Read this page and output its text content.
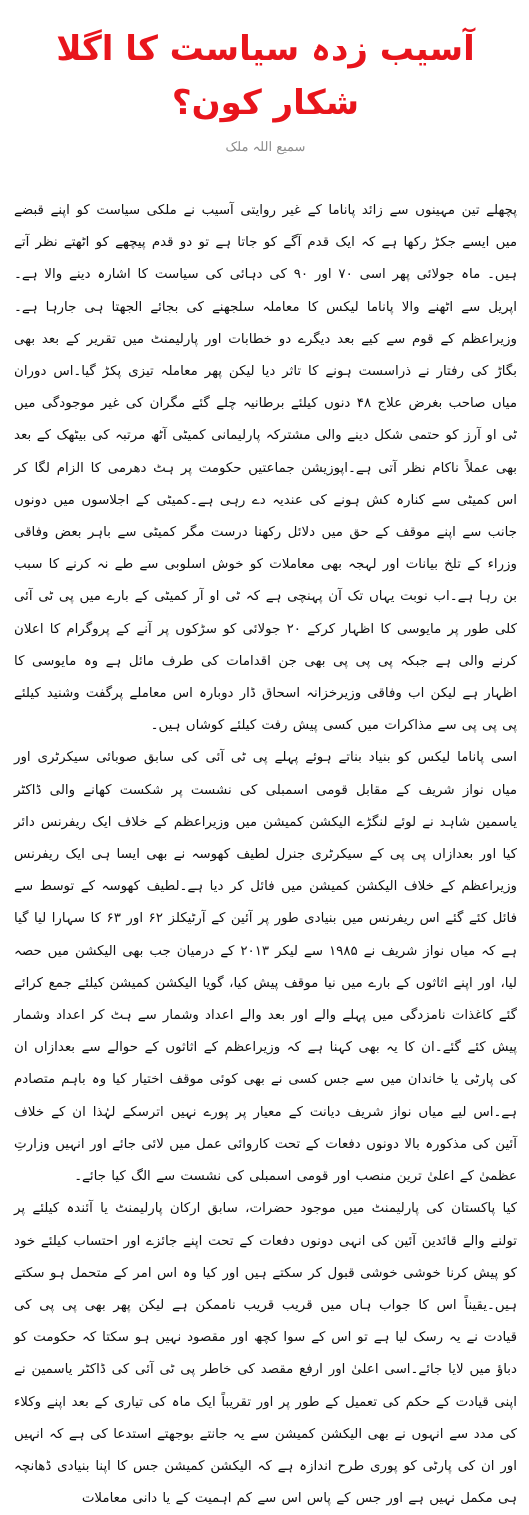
آسیب زدہ سیاست کا اگلا شکار کون؟
سمیع اللہ ملک

پچھلے تین مہینوں سے زائد پاناما کے غیر روایتی آسیب نے ملکی سیاست کو اپنے قبضے میں ایسے جکڑ رکھا ہے کہ ایک قدم آگے کو جاتا ہے تو دو قدم پیچھے کو اٹھتے نظر آتے ہیں۔ ماہ جولائی پھر اسی ۷۰ اور ۹۰ کی دہائی کی سیاست کا اشارہ دینے والا ہے۔اپریل سے اٹھنے والا پاناما لیکس کا معاملہ سلجھنے کی بجائے الجھتا ہی جارہا ہے۔وزیراعظم کے قوم سے کیے بعد دیگرے دو خطابات اور پارلیمنٹ میں تقریر کے بعد بھی بگاڑ کی رفتار نے ذراسست ہونے کا تاثر دیا لیکن پھر معاملہ تیزی پکڑ گیا۔اس دوران میاں صاحب بغرض علاج ۴۸ دنوں کیلئے برطانیہ چلے گئے مگران کی غیر موجودگی میں ٹی او آرز کو حتمی شکل دینے والی مشترکہ پارلیمانی کمیٹی آٹھ مرتبہ کی بیٹھک کے بعد بھی عملاً ناکام نظر آتی ہے۔اپوزیشن جماعتیں حکومت پر ہٹ دھرمی کا الزام لگا کر اس کمیٹی سے کنارہ کش ہونے کی عندیہ دے رہی ہے۔کمیٹی کے اجلاسوں میں دونوں جانب سے اپنے موقف کے حق میں دلائل رکھنا درست مگر کمیٹی سے باہر بعض وفاقی وزراء کے تلخ بیانات اور لہجہ بھی معاملات کو خوش اسلوبی سے طے نہ کرنے کا سبب بن رہا ہے۔اب نوبت یہاں تک آن پہنچی ہے کہ ٹی او آر کمیٹی کے بارے میں پی ٹی آئی کلی طور پر مایوسی کا اظہار کرکے ۲۰ جولائی کو سڑکوں پر آنے کے پروگرام کا اعلان کرنے والی ہے جبکہ پی پی پی بھی جن اقدامات کی طرف مائل ہے وہ مایوسی کا اظہار ہے لیکن اب وفاقی وزیرخزانہ اسحاق ڈار دوبارہ اس معاملے پرگفت وشنید کیلئے پی پی پی سے مذاکرات میں کسی پیش رفت کیلئے کوشاں ہیں۔

اسی پاناما لیکس کو بنیاد بناتے ہوئے پہلے پی ٹی آئی کی سابق صوبائی سیکرٹری اور میاں نواز شریف کے مقابل قومی اسمبلی کی نشست پر شکست کھانے والی ڈاکٹر یاسمین شاہد نے لوئے لنگڑے الیکشن کمیشن میں وزیراعظم کے خلاف ایک ریفرنس دائر کیا اور بعدازاں پی پی کے سیکرٹری جنرل لطیف کھوسہ نے بھی ایسا ہی ایک ریفرنس وزیراعظم کے خلاف الیکشن کمیشن میں فائل کر دیا ہے۔لطیف کھوسہ کے توسط سے فائل کئے گئے اس ریفرنس میں بنیادی طور پر آئین کے آرٹیکلز ۶۲ اور ۶۳ کا سہارا لیا گیا ہے کہ میاں نواز شریف نے ۱۹۸۵ سے لیکر ۲۰۱۳ کے درمیان جب بھی الیکشن میں حصہ لیا، اور اپنے اثاثوں کے بارے میں نیا موقف پیش کیا، گویا الیکشن کمیشن کیلئے جمع کرائے گئے کاغذات نامزدگی میں پہلے والے اور بعد والے اعداد وشمار سے ہٹ کر اعداد وشمار پیش کئے گئے۔ان کا یہ بھی کہنا ہے کہ وزیراعظم کے اثاثوں کے حوالے سے بعدازاں ان کی پارٹی یا خاندان میں سے جس کسی نے بھی کوئی موقف اختیار کیا وہ باہم متصادم ہے۔اس لیے میاں نواز شریف دیانت کے معیار پر پورے نہیں اترسکے لہٰذا ان کے خلاف آئین کی مذکورہ بالا دونوں دفعات کے تحت کاروائی عمل میں لائی جائے اور انہیں وزارتِ عظمیٰ کے اعلیٰ ترین منصب اور قومی اسمبلی کی نشست سے الگ کیا جائے۔

کیا پاکستان کی پارلیمنٹ میں موجود حضرات، سابق ارکان پارلیمنٹ یا آئندہ کیلئے پر تولنے والے قائدین آئین کی انہی دونوں دفعات کے تحت اپنے جائزے اور احتساب کیلئے خود کو پیش کرنا خوشی خوشی قبول کر سکتے ہیں اور کیا وہ اس امر کے متحمل ہو سکتے ہیں۔یقیناً اس کا جواب ہاں میں قریب قریب ناممکن ہے لیکن پھر بھی پی پی کی قیادت نے یہ رسک لیا ہے تو اس کے سوا کچھ اور مقصود نہیں ہو سکتا کہ حکومت کو دباؤ میں لایا جائے۔اسی اعلیٰ اور ارفع مقصد کی خاطر پی ٹی آئی کی ڈاکٹر یاسمین نے اپنی قیادت کے حکم کی تعمیل کے طور پر اور تقریباً ایک ماہ کی تیاری کے بعد اپنے وکلاء کی مدد سے انہوں نے بھی الیکشن کمیشن سے یہ جانتے بوجھتے استدعا کی ہے کہ انہیں اور ان کی پارٹی کو پوری طرح اندازہ ہے کہ الیکشن کمیشن جس کا اپنا بنیادی ڈھانچہ ہی مکمل نہیں ہے اور جس کے پاس اس سے کم اہمیت کے یا دانی معاملات
